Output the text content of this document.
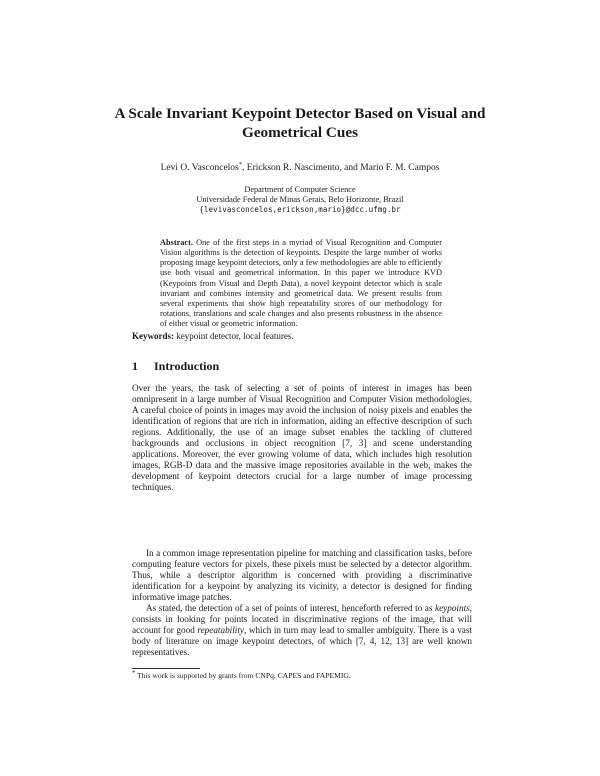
A Scale Invariant Keypoint Detector Based on Visual and Geometrical Cues
Levi O. Vasconcelos*, Erickson R. Nascimento, and Mario F. M. Campos
Department of Computer Science
Universidade Federal de Minas Gerais, Belo Horizonte, Brazil
{levivasconcelos,erickson,mario}@dcc.ufmg.br
Abstract. One of the first steps in a myriad of Visual Recognition and Computer Vision algorithms is the detection of keypoints. Despite the large number of works proposing image keypoint detectors, only a few methodologies are able to efficiently use both visual and geometrical information. In this paper we introduce KVD (Keypoints from Visual and Depth Data), a novel keypoint detector which is scale invariant and combines intensity and geometrical data. We present results from several experiments that show high repeatability scores of our methodology for rotations, translations and scale changes and also presents robustness in the absence of either visual or geometric information.
Keywords: keypoint detector, local features.
1 Introduction
Over the years, the task of selecting a set of points of interest in images has been omnipresent in a large number of Visual Recognition and Computer Vision methodologies. A careful choice of points in images may avoid the inclusion of noisy pixels and enables the identification of regions that are rich in information, aiding an effective description of such regions. Additionally, the use of an image subset enables the tackling of cluttered backgrounds and occlusions in object recognition [7, 3] and scene understanding applications. Moreover, the ever growing volume of data, which includes high resolution images, RGB-D data and the massive image repositories available in the web, makes the development of keypoint detectors crucial for a large number of image processing techniques.
In a common image representation pipeline for matching and classification tasks, before computing feature vectors for pixels, these pixels must be selected by a detector algorithm. Thus, while a descriptor algorithm is concerned with providing a discriminative identification for a keypoint by analyzing its vicinity, a detector is designed for finding informative image patches.
As stated, the detection of a set of points of interest, henceforth referred to as keypoints, consists in looking for points located in discriminative regions of the image, that will account for good repeatability, which in turn may lead to smaller ambiguity. There is a vast body of literature on image keypoint detectors, of which [7, 4, 12, 13] are well known representatives.
* This work is supported by grants from CNPq, CAPES and FAPEMIG.
